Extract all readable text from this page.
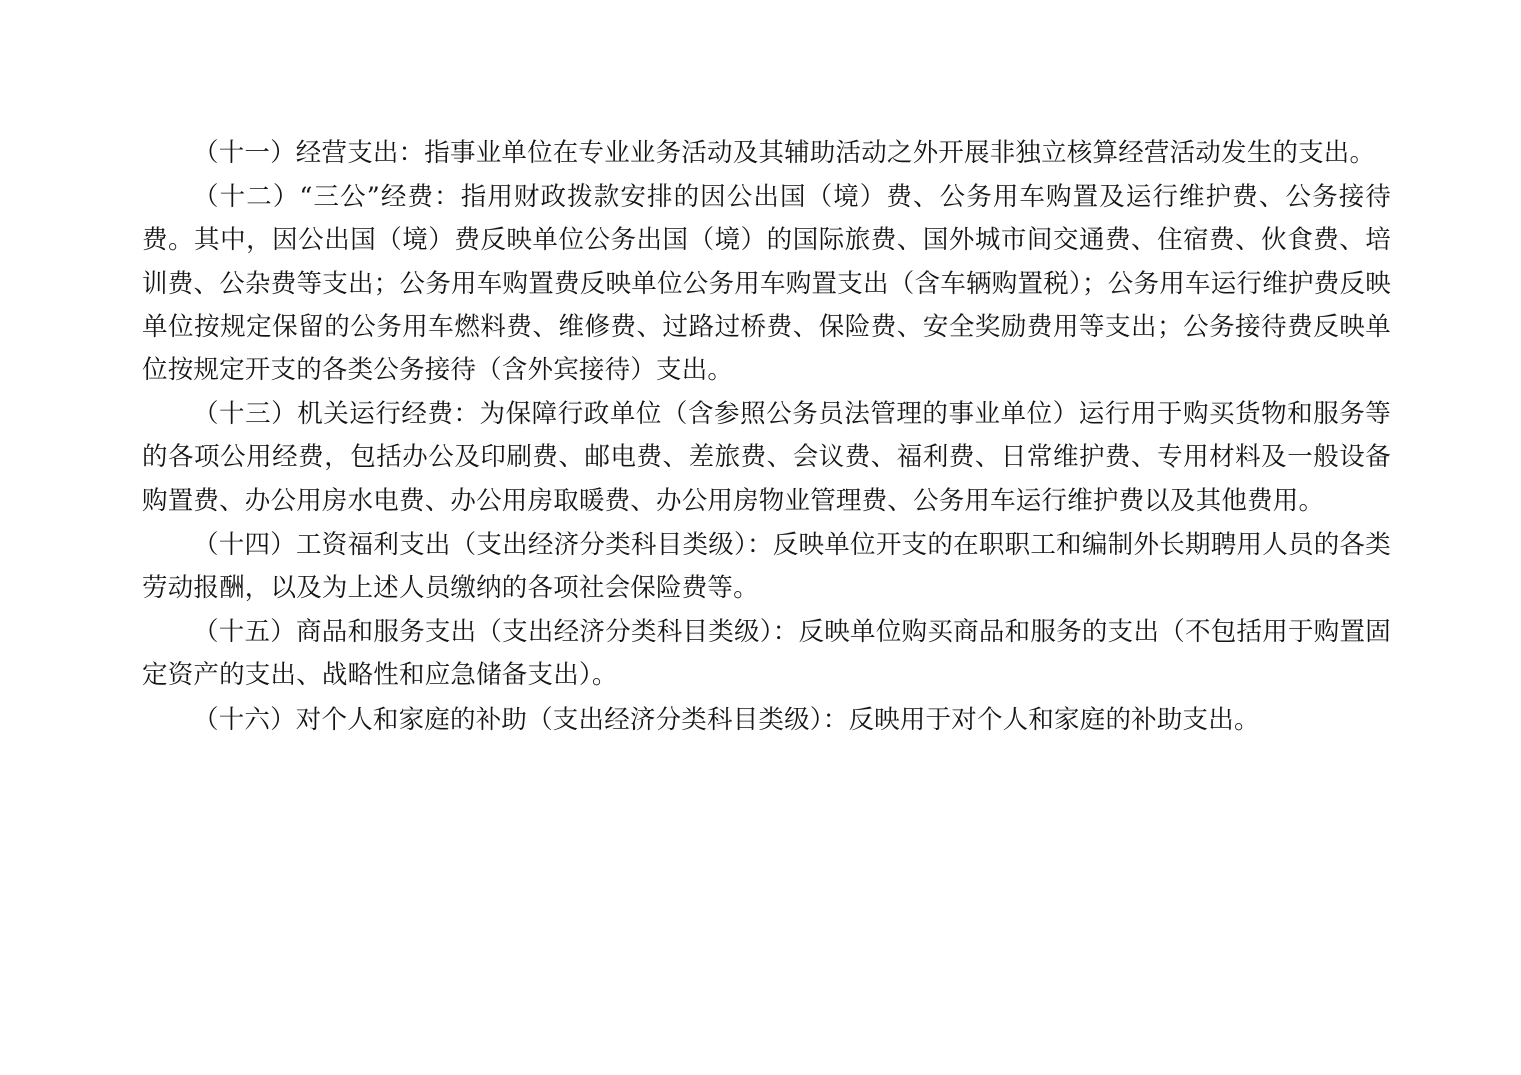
（十一）经营支出：指事业单位在专业业务活动及其辅助活动之外开展非独立核算经营活动发生的支出。

（十二）“三公”经费：指用财政拨款安排的因公出国（境）费、公务用车购置及运行维护费、公务接待费。其中，因公出国（境）费反映单位公务出国（境）的国际旅费、国外城市间交通费、住宿费、伙食费、培训费、公杂费等支出；公务用车购置费反映单位公务用车购置支出（含车辆购置税）；公务用车运行维护费反映单位按规定保留的公务用车燃料费、维修费、过路过桥费、保险费、安全奖励费用等支出；公务接待费反映单位按规定开支的各类公务接待（含外宾接待）支出。

（十三）机关运行经费：为保障行政单位（含参照公务员法管理的事业单位）运行用于购买货物和服务等的各项公用经费，包括办公及印刷费、邮电费、差旅费、会议费、福利费、日常维护费、专用材料及一般设备购置费、办公用房水电费、办公用房取暖费、办公用房物业管理费、公务用车运行维护费以及其他费用。

（十四）工资福利支出（支出经济分类科目类级）：反映单位开支的在职职工和编制外长期聘用人员的各类劳动报酬，以及为上述人员缴纳的各项社会保险费等。

（十五）商品和服务支出（支出经济分类科目类级）：反映单位购买商品和服务的支出（不包括用于购置固定资产的支出、战略性和应急储备支出）。

（十六）对个人和家庭的补助（支出经济分类科目类级）：反映用于对个人和家庭的补助支出。
